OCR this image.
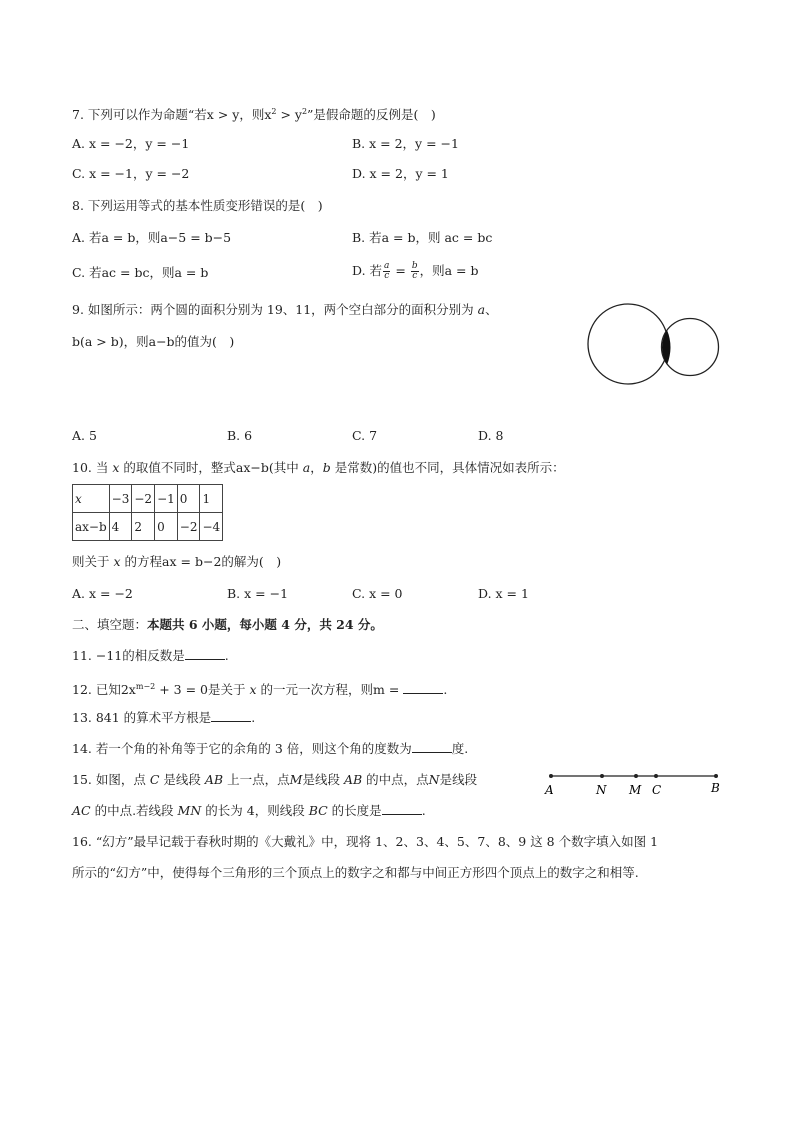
7. 下列可以作为命题“若x > y，则$x^2 > y^2$”是假命题的反例是(　)
A. x = −2，y = −1	B. x = 2，y = −1
C. x = −1，y = −2	D. x = 2，y = 1
8. 下列运用等式的基本性质变形错误的是(　)
A. 若a = b，则a−5 = b−5	B. 若a = b，则 ac = bc
C. 若ac = bc，则a = b	D. 若 $\frac{a}{c} = \frac{b}{c}$ ，则a = b
9. 如图所示：两个圆的面积分别为 19、11，两个空白部分的面积分别为 a、
b(a > b)，则a−b的值为(　)
A. 5	B. 6	C. 7	D. 8
10. 当 x 的取值不同时，整式ax−b(其中 a，b 是常数)的值也不同，具体情况如表所示：
x	−3	−2	−1	0	1
ax−b	4	2	0	−2	−4
则关于 x 的方程ax = b−2的解为(　)
A. x = −2	B. x = −1	C. x = 0	D. x = 1
二、填空题：本题共 6 小题，每小题 4 分，共 24 分。
11. −11的相反数是	.
12. 已知$2x^{m-2} + 3 = 0$是关于 x 的一元一次方程，则m =	.
13. 841 的算术平方根是	.
14. 若一个角的补角等于它的余角的 3 倍，则这个角的度数为	度.
15. 如图，点 C 是线段 AB 上一点，点M是线段 AB 的中点，点N是线段
AC 的中点.若线段 MN 的长为 4，则线段 BC 的长度是	.
A	N M C	B
16. “幻方”最早记载于春秋时期的《大戴礼》中，现将 1、2、3、4、5、7、8、9 这 8 个数字填入如图 1
所示的“幻方”中，使得每个三角形的三个顶点上的数字之和都与中间正方形四个顶点上的数字之和相等.
